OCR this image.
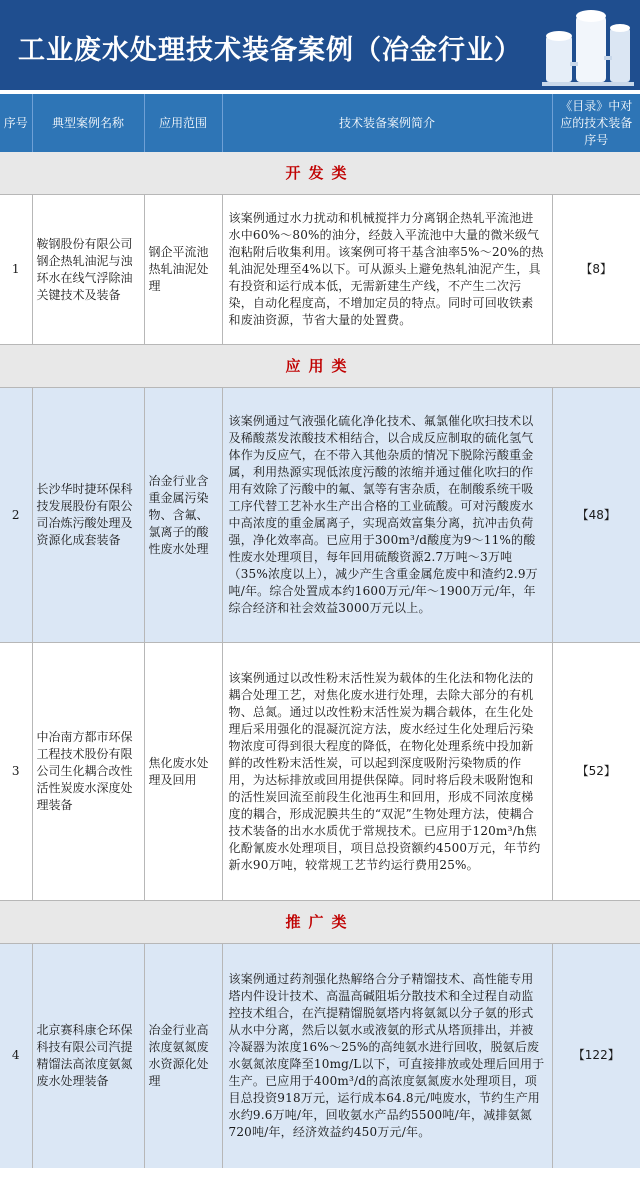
工业废水处理技术装备案例（冶金行业）
序号	典型案例名称	应用范围	技术装备案例简介	《目录》中对应的技术装备序号
开发类				
1	鞍钢股份有限公司钢企热轧油泥与浊环水在线气浮除油关键技术及装备	钢企平流池热轧油泥处理	该案例通过水力扰动和机械搅拌力分离钢企热轧平流池进水中60%～80%的油分，经鼓入平流池中大量的微米级气泡粘附后收集利用。该案例可将干基含油率5%～20%的热轧油泥处理至4%以下。可从源头上避免热轧油泥产生，具有投资和运行成本低，无需新建生产线，不产生二次污染，自动化程度高，不增加定员的特点。同时可回收铁素和废油资源，节省大量的处置费。	【8】
应用类				
2	长沙华时捷环保科技发展股份有限公司冶炼污酸处理及资源化成套装备	冶金行业含重金属污染物、含氟、氯离子的酸性废水处理	该案例通过气液强化硫化净化技术、氟氯催化吹扫技术以及稀酸蒸发浓酸技术相结合，以合成反应制取的硫化氢气体作为反应气，在不带入其他杂质的情况下脱除污酸重金属，利用热源实现低浓度污酸的浓缩并通过催化吹扫的作用有效除了污酸中的氟、氯等有害杂质，在制酸系统干吸工序代替工艺补水生产出合格的工业硫酸。可对污酸废水中高浓度的重金属离子，实现高效富集分离，抗冲击负荷强，净化效率高。已应用于300m³/d酸度为9～11%的酸性废水处理项目，每年回用硫酸资源2.7万吨～3万吨（35%浓度以上），减少产生含重金属危废中和渣约2.9万吨/年。综合处置成本约1600万元/年～1900万元/年，年综合经济和社会效益3000万元以上。	【48】
3	中冶南方都市环保工程技术股份有限公司生化耦合改性活性炭废水深度处理装备	焦化废水处理及回用	该案例通过以改性粉末活性炭为载体的生化法和物化法的耦合处理工艺，对焦化废水进行处理，去除大部分的有机物、总氮。通过以改性粉末活性炭为耦合载体，在生化处理后采用强化的混凝沉淀方法，废水经过生化处理后污染物浓度可得到很大程度的降低，在物化处理系统中投加新鲜的改性粉末活性炭，可以起到深度吸附污染物质的作用，为达标排放或回用提供保障。同时将后段未吸附饱和的活性炭回流至前段生化池再生和回用，形成不同浓度梯度的耦合，形成泥膜共生的“双泥”生物处理方法，使耦合技术装备的出水水质优于常规技术。已应用于120m³/h焦化酚氰废水处理项目，项目总投资额约4500万元，年节约新水90万吨，较常规工艺节约运行费用25%。	【52】
推广类				
4	北京赛科康仑环保科技有限公司汽提精馏法高浓度氨氮废水处理装备	冶金行业高浓度氨氮废水资源化处理	该案例通过药剂强化热解络合分子精馏技术、高性能专用塔内件设计技术、高温高碱阻垢分散技术和全过程自动监控技术组合，在汽提精馏脱氨塔内将氨氮以分子氨的形式从水中分离，然后以氨水或液氨的形式从塔顶排出，并被冷凝器为浓度16%～25%的高纯氨水进行回收，脱氨后废水氨氮浓度降至10mg/L以下，可直接排放或处理后回用于生产。已应用于400m³/d的高浓度氨氮废水处理项目，项目总投资918万元，运行成本64.8元/吨废水，节约生产用水约9.6万吨/年，回收氨水产品约5500吨/年，减排氨氮720吨/年，经济效益约450万元/年。	【122】
